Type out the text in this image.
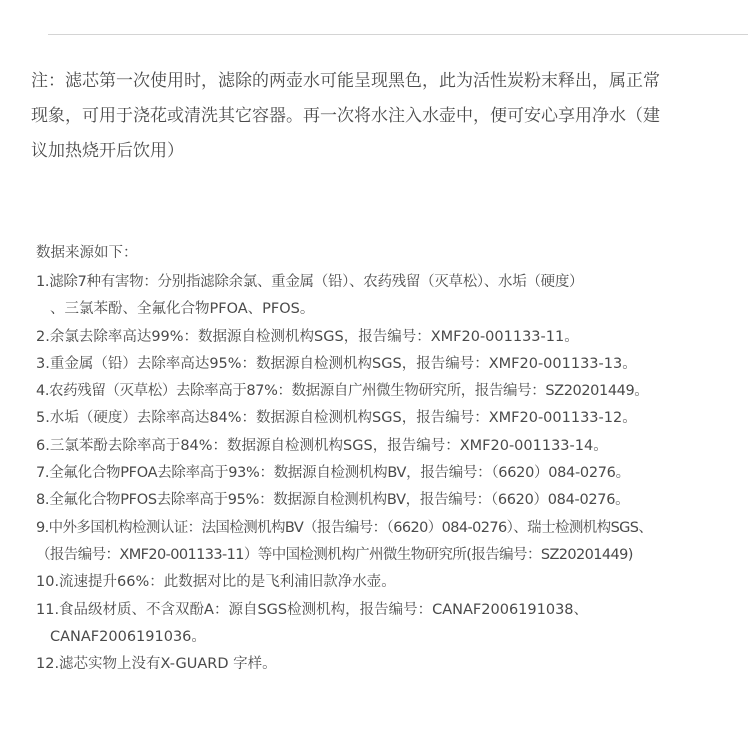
注：滤芯第一次使用时，滤除的两壶水可能呈现黑色，此为活性炭粉末释出，属正常
现象，可用于浇花或清洗其它容器。再一次将水注入水壶中，便可安心享用净水（建
议加热烧开后饮用）
数据来源如下：
1.滤除7种有害物：分别指滤除余氯、重金属（铅）、农药残留（灭草松）、水垢（硬度）
、三氯苯酚、全氟化合物PFOA、PFOS。
2.余氯去除率高达99%：数据源自检测机构SGS，报告编号：XMF20-001133-11。
3.重金属（铅）去除率高达95%：数据源自检测机构SGS，报告编号：XMF20-001133-13。
4.农药残留（灭草松）去除率高于87%：数据源自广州微生物研究所，报告编号：SZ20201449。
5.水垢（硬度）去除率高达84%：数据源自检测机构SGS，报告编号：XMF20-001133-12。
6.三氯苯酚去除率高于84%：数据源自检测机构SGS，报告编号：XMF20-001133-14。
7.全氟化合物PFOA去除率高于93%：数据源自检测机构BV，报告编号：（6620）084-0276。
8.全氟化合物PFOS去除率高于95%：数据源自检测机构BV，报告编号：（6620）084-0276。
9.中外多国机构检测认证：法国检测机构BV（报告编号：（6620）084-0276）、瑞士检测机构SGS、
（报告编号：XMF20-001133-11）等中国检测机构广州微生物研究所(报告编号：SZ20201449)
10.流速提升66%：此数据对比的是飞利浦旧款净水壶。
11.食品级材质、不含双酚A：源自SGS检测机构，报告编号：CANAF2006191038、
CANAF2006191036。
12.滤芯实物上没有X-GUARD 字样。
